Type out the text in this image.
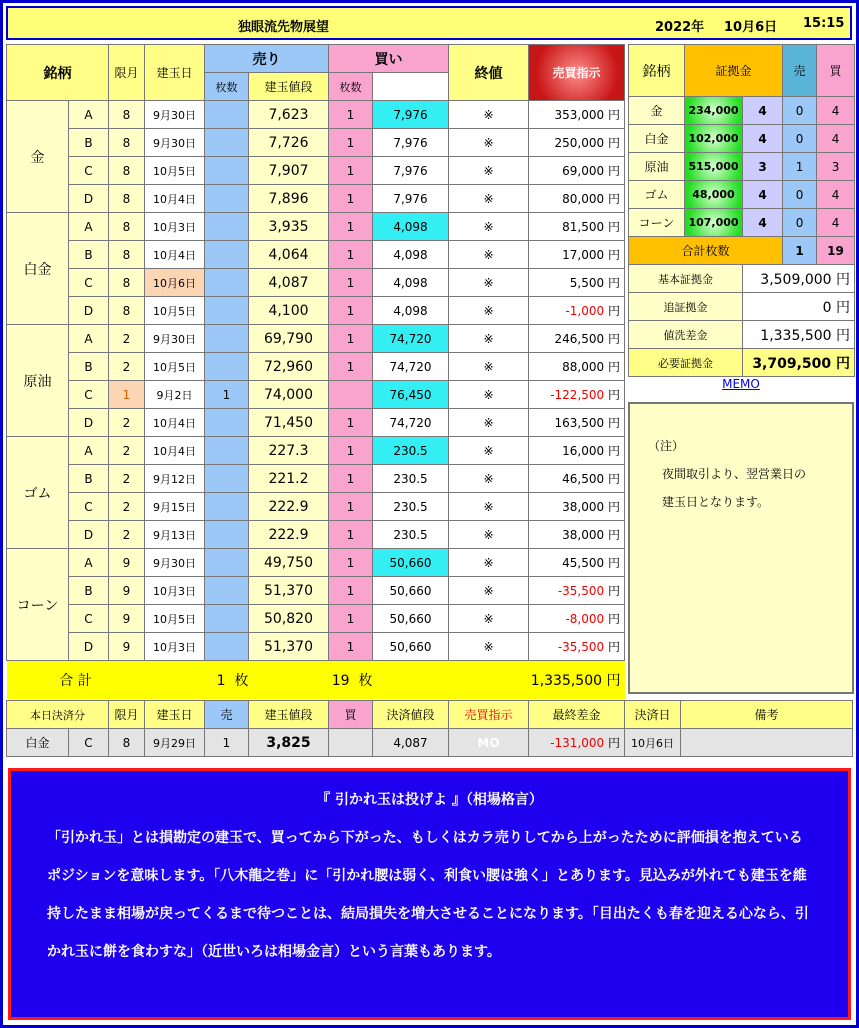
独眼流先物展望	2022年 10月6日 15:15
銘柄		限月	建玉日	売り		買い		終値	売買指示	
				枚数	建玉値段	枚数				
金	A	8	9月30日		7,623	1	7,976	※	353,000 円	
	B	8	9月30日		7,726	1	7,976	※	250,000 円	
	C	8	10月5日		7,907	1	7,976	※	69,000 円	
	D	8	10月4日		7,896	1	7,976	※	80,000 円	
白金	A	8	10月3日		3,935	1	4,098	※	81,500 円	
	B	8	10月4日		4,064	1	4,098	※	17,000 円	
	C	8	10月6日		4,087	1	4,098	※	5,500 円	
	D	8	10月5日		4,100	1	4,098	※	-1,000 円	
原油	A	2	9月30日		69,790	1	74,720	※	246,500 円	
	B	2	10月5日		72,960	1	74,720	※	88,000 円	
	C	1	9月2日	1	74,000		76,450	※	-122,500 円	
	D	2	10月4日		71,450	1	74,720	※	163,500 円	
ゴム	A	2	10月4日		227.3	1	230.5	※	16,000 円	
	B	2	9月12日		221.2	1	230.5	※	46,500 円	
	C	2	9月15日		222.9	1	230.5	※	38,000 円	
	D	2	9月13日		222.9	1	230.5	※	38,000 円	
コーン	A	9	9月30日		49,750	1	50,660	※	45,500 円	
	B	9	10月3日		51,370	1	50,660	※	-35,500 円	
	C	9	10月5日		50,820	1	50,660	※	-8,000 円	
	D	9	10月3日		51,370	1	50,660	※	-35,500 円	
合 計			1 枚		19 枚		1,335,500 円			
銘柄	証拠金		売	買
金	234,000	4	0	4
白金	102,000	4	0	4
原油	515,000	3	1	3
ゴム	48,000	4	0	4
コーン	107,000	4	0	4
合計枚数			1	19
基本証拠金		3,509,000 円		
追証拠金		0 円		
値洗差金		1,335,500 円		
必要証拠金		3,709,500 円		
MEMO
（注）
夜間取引より、翌営業日の
建玉日となります。
本日決済分		限月	建玉日	売	建玉値段	買	決済値段	売買指示	最終差金	決済日	備考
白金	C	8	9月29日	1	3,825		4,087	MO	-131,000 円	10月6日	
『 引かれ玉は投げよ 』（相場格言）
「引かれ玉」とは損勘定の建玉で、買ってから下がった、もしくはカラ売りしてから上がったために評価損を抱えているポジションを意味します。「八木龍之巻」に「引かれ腰は弱く、利食い腰は強く」とあります。見込みが外れても建玉を維持したまま相場が戻ってくるまで待つことは、結局損失を増大させることになります。「目出たくも春を迎える心なら、引かれ玉に餅を食わすな」（近世いろは相場金言）という言葉もあります。
